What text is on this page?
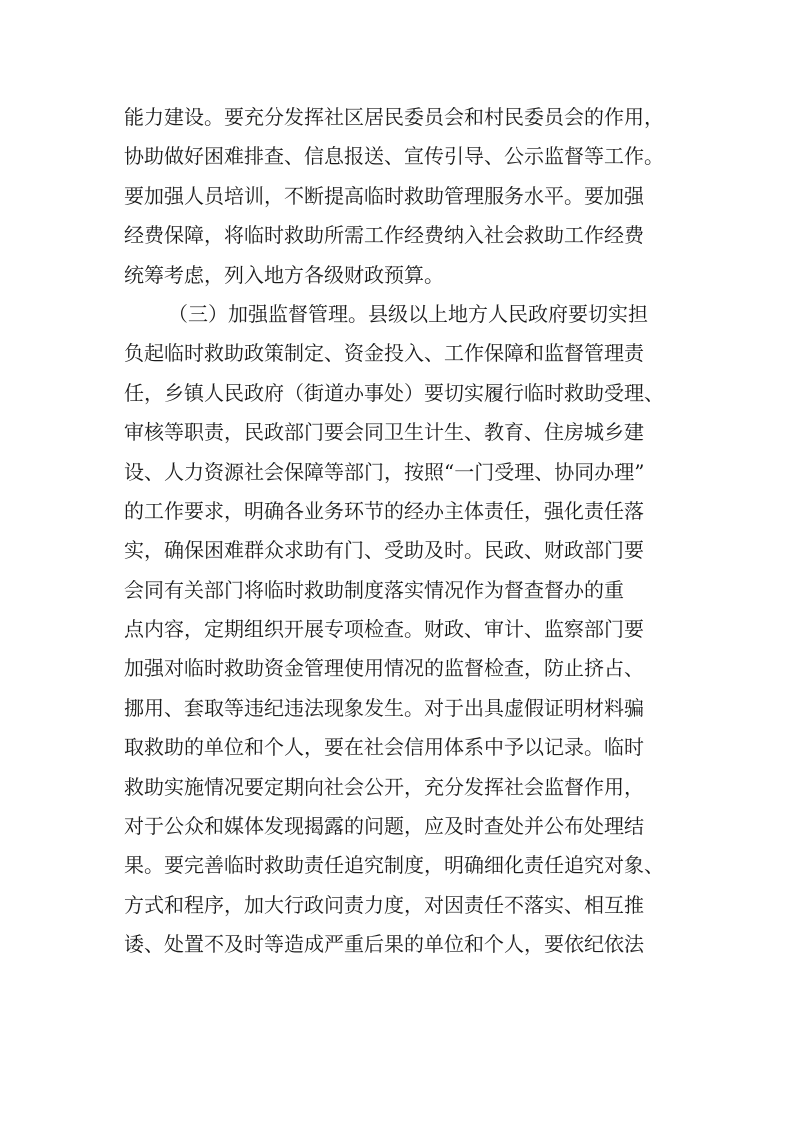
能力建设。要充分发挥社区居民委员会和村民委员会的作用，
协助做好困难排查、信息报送、宣传引导、公示监督等工作。
要加强人员培训，不断提高临时救助管理服务水平。要加强
经费保障，将临时救助所需工作经费纳入社会救助工作经费
统筹考虑，列入地方各级财政预算。
（三）加强监督管理。县级以上地方人民政府要切实担
负起临时救助政策制定、资金投入、工作保障和监督管理责
任，乡镇人民政府（街道办事处）要切实履行临时救助受理、
审核等职责，民政部门要会同卫生计生、教育、住房城乡建
设、人力资源社会保障等部门，按照“一门受理、协同办理”
的工作要求，明确各业务环节的经办主体责任，强化责任落
实，确保困难群众求助有门、受助及时。民政、财政部门要
会同有关部门将临时救助制度落实情况作为督查督办的重
点内容，定期组织开展专项检查。财政、审计、监察部门要
加强对临时救助资金管理使用情况的监督检查，防止挤占、
挪用、套取等违纪违法现象发生。对于出具虚假证明材料骗
取救助的单位和个人，要在社会信用体系中予以记录。临时
救助实施情况要定期向社会公开，充分发挥社会监督作用，
对于公众和媒体发现揭露的问题，应及时查处并公布处理结
果。要完善临时救助责任追究制度，明确细化责任追究对象、
方式和程序，加大行政问责力度，对因责任不落实、相互推
诿、处置不及时等造成严重后果的单位和个人，要依纪依法
